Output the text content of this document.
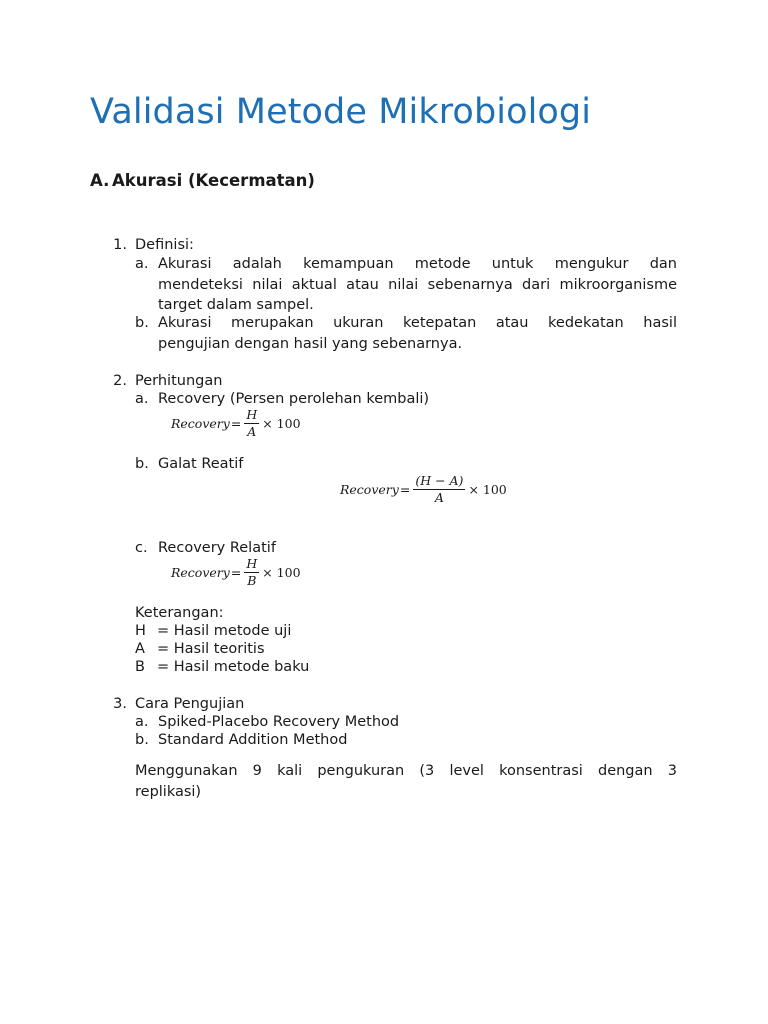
Validasi Metode Mikrobiologi
A. Akurasi (Kecermatan)
1. Definisi:
a. Akurasi adalah kemampuan metode untuk mengukur dan
mendeteksi nilai aktual atau nilai sebenarnya dari mikroorganisme
target dalam sampel.
b. Akurasi merupakan ukuran ketepatan atau kedekatan hasil
pengujian dengan hasil yang sebenarnya.
2. Perhitungan
a. Recovery (Persen perolehan kembali)
Recovery = $\frac{H}{A} \times 100$
b. Galat Reatif
Recovery = $\frac{(H - A)}{A} \times 100$
c. Recovery Relatif
Recovery = $\frac{H}{B} \times 100$
Keterangan:
H = Hasil metode uji
A = Hasil teoritis
B = Hasil metode baku
3. Cara Pengujian
a. Spiked-Placebo Recovery Method
b. Standard Addition Method
Menggunakan 9 kali pengukuran (3 level konsentrasi dengan 3
replikasi)
